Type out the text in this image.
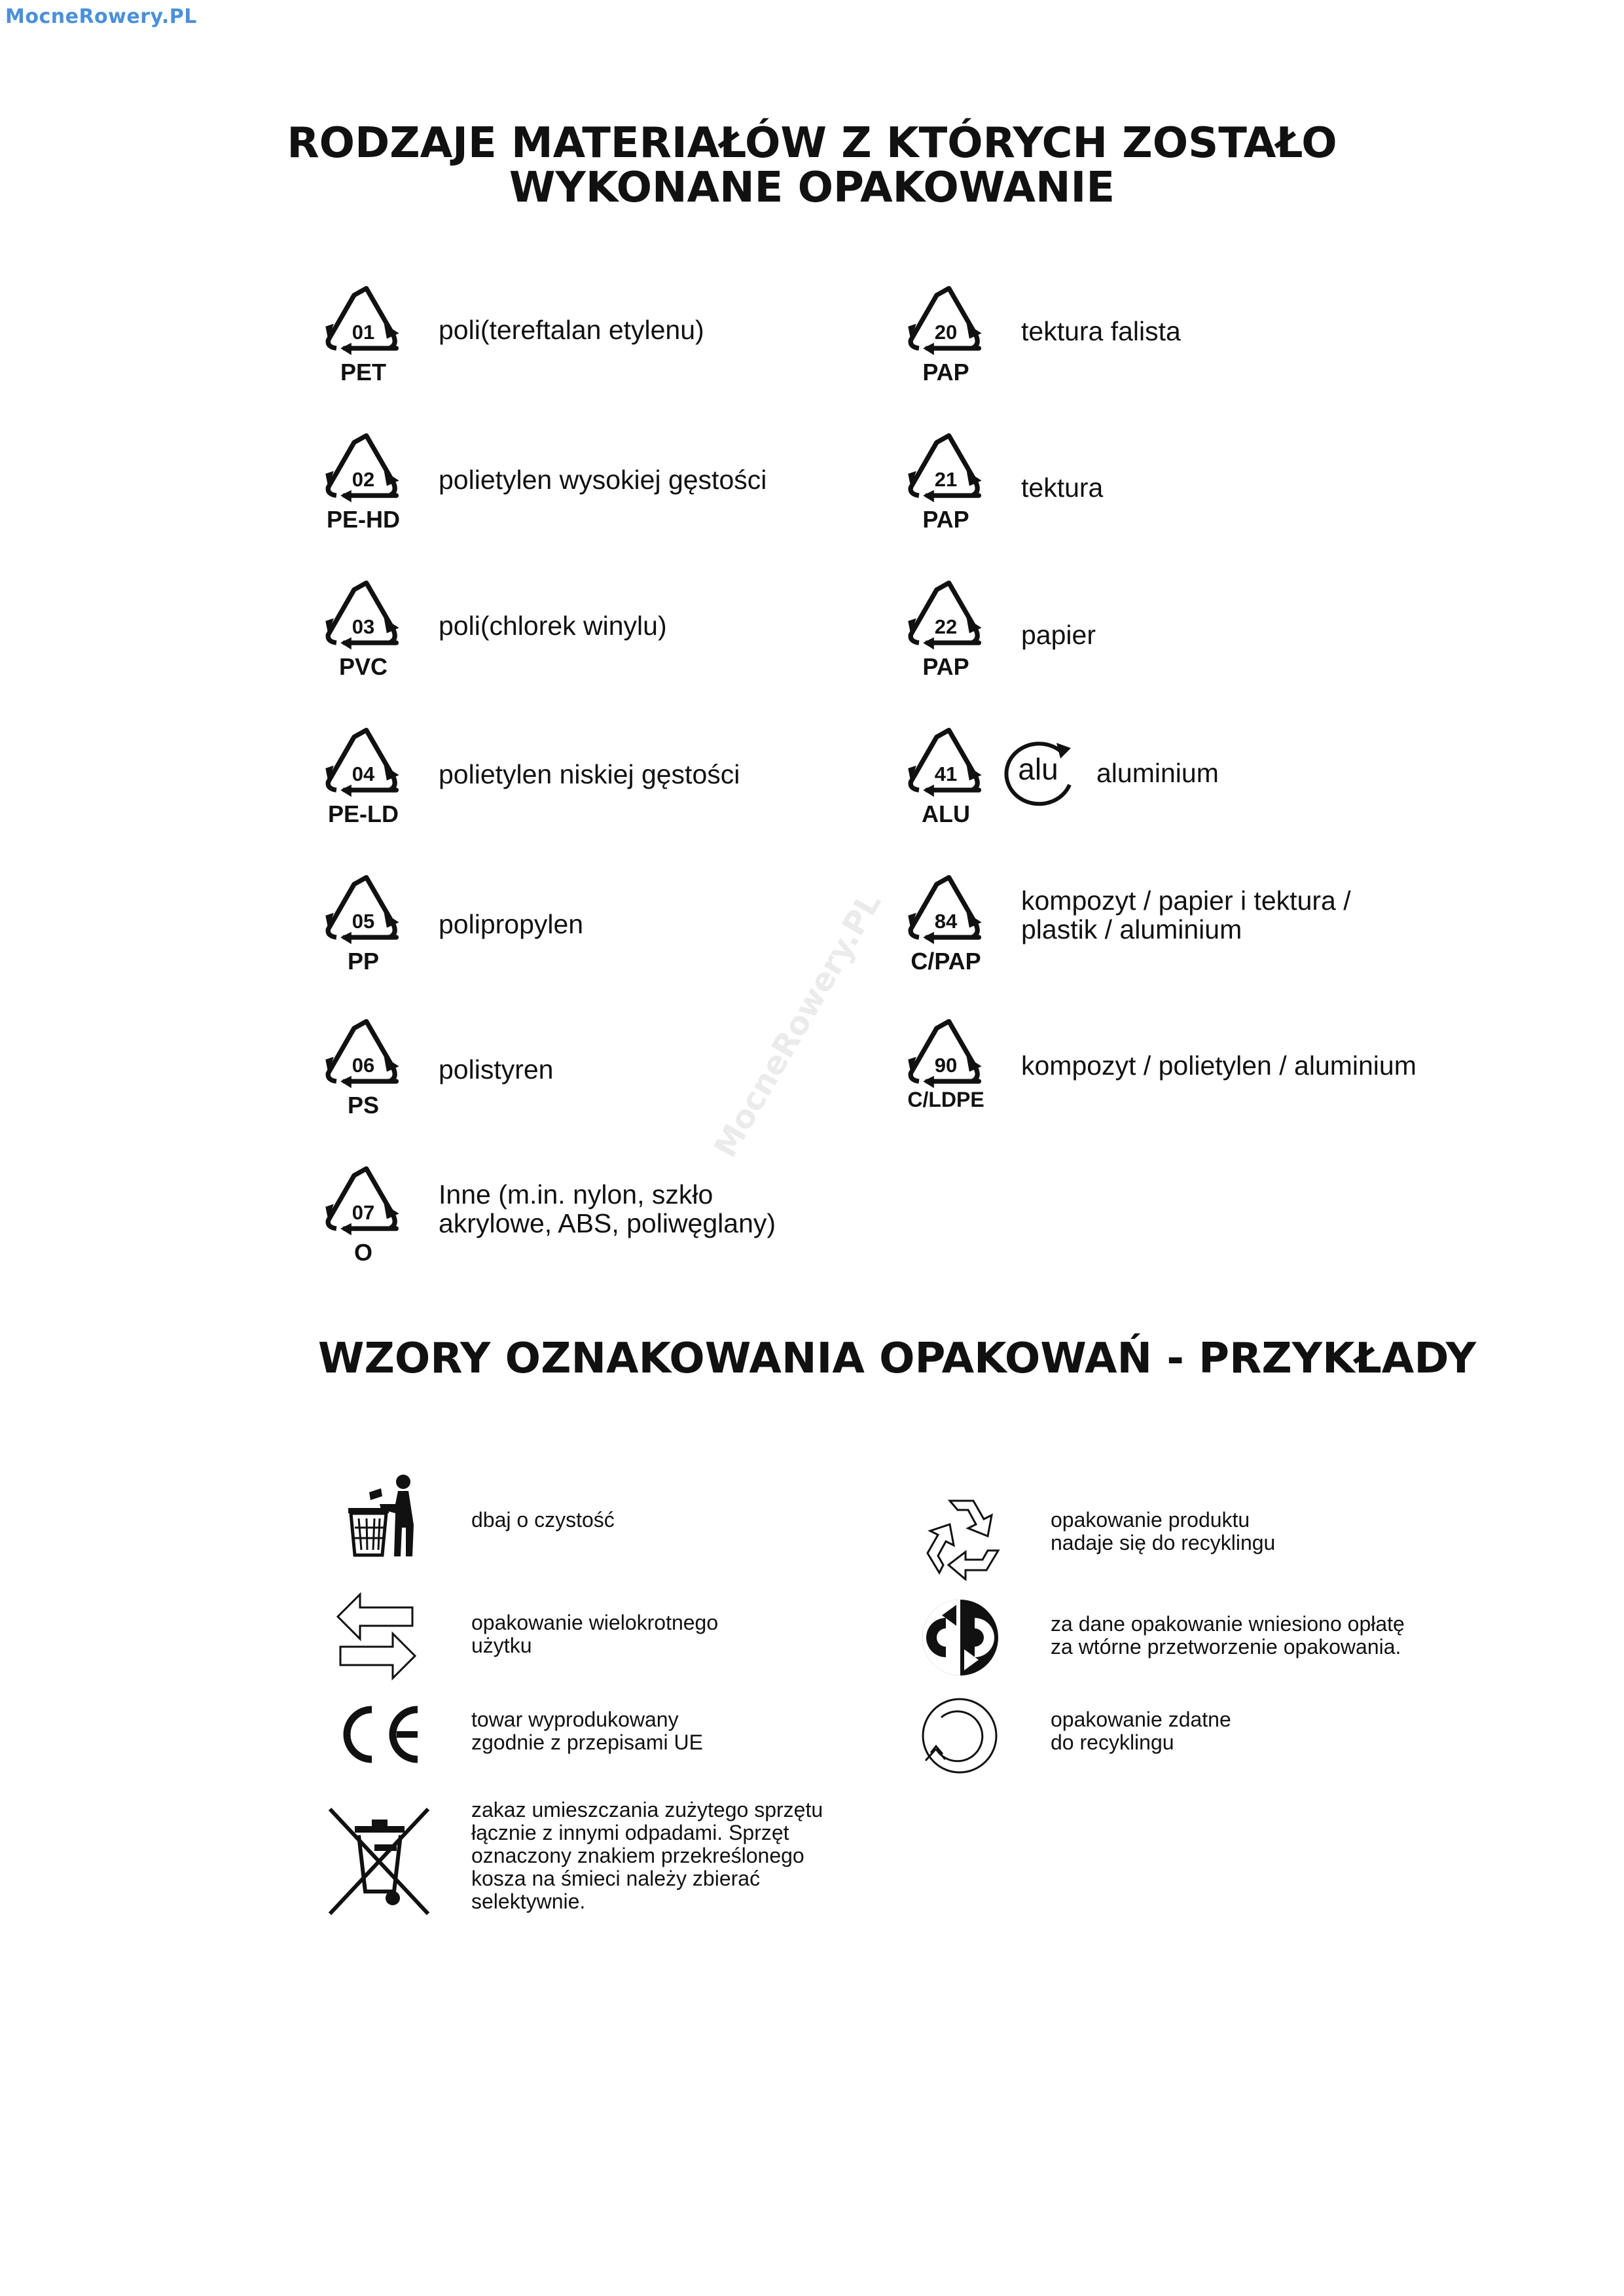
MocneRowery.PL
RODZAJE MATERIAŁÓW Z KTÓRYCH ZOSTAŁO
WYKONANE OPAKOWANIE
MocneRowery.PL
01
PET
poli(tereftalan etylenu)
02
PE-HD
polietylen wysokiej gęstości
03
PVC
poli(chlorek winylu)
04
PE-LD
polietylen niskiej gęstości
05
PP
polipropylen
06
PS
polistyren
07
O
Inne (m.in. nylon, szkło
akrylowe, ABS, poliwęglany)
20
PAP
tektura falista
21
PAP
tektura
22
PAP
papier
41
ALU
alu aluminium
84
C/PAP
kompozyt / papier i tektura /
plastik / aluminium
90
C/LDPE
kompozyt / polietylen / aluminium
WZORY OZNAKOWANIA OPAKOWAŃ - PRZYKŁADY
dbaj o czystość
opakowanie wielokrotnego
użytku
towar wyprodukowany
zgodnie z przepisami UE
zakaz umieszczania zużytego sprzętu
łącznie z innymi odpadami. Sprzęt
oznaczony znakiem przekreślonego
kosza na śmieci należy zbierać
selektywnie.
opakowanie produktu
nadaje się do recyklingu
za dane opakowanie wniesiono opłatę
za wtórne przetworzenie opakowania.
opakowanie zdatne
do recyklingu
